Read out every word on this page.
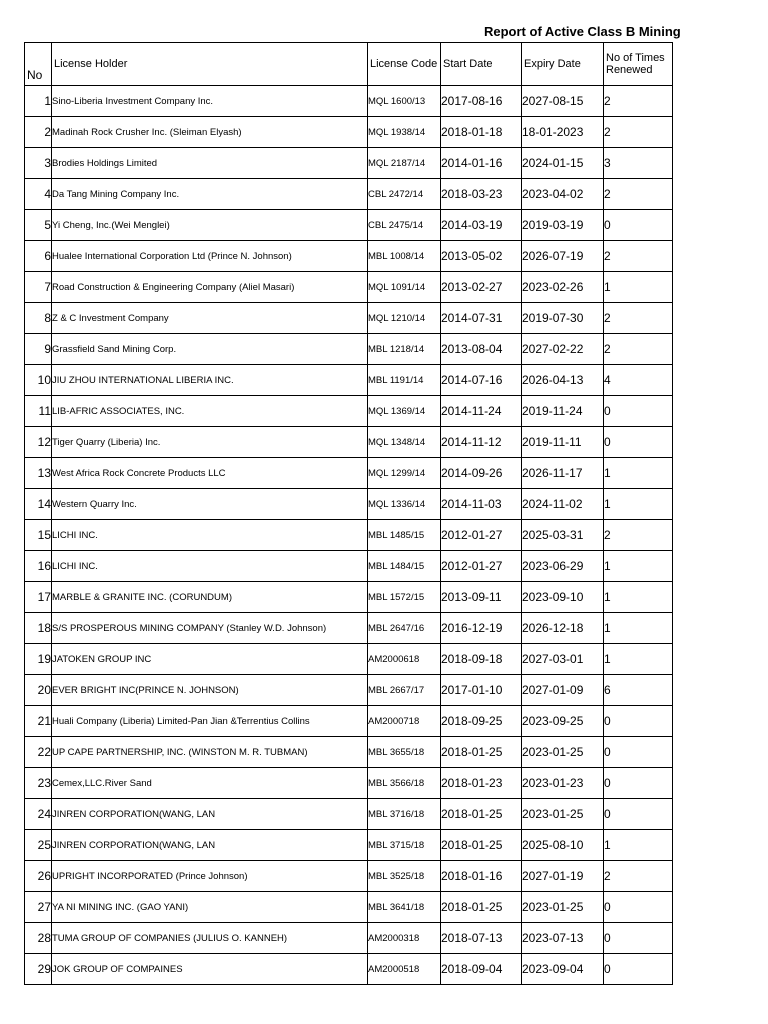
Report of Active Class B Mining
No	License Holder	License Code	Start Date	Expiry Date	No of Times Renewed
1	Sino-Liberia Investment Company Inc.	MQL 1600/13	2017-08-16	2027-08-15	2
2	Madinah Rock Crusher Inc. (Sleiman Elyash)	MQL 1938/14	2018-01-18	18-01-2023	2
3	Brodies Holdings Limited	MQL 2187/14	2014-01-16	2024-01-15	3
4	Da Tang Mining Company Inc.	CBL 2472/14	2018-03-23	2023-04-02	2
5	Yi Cheng, Inc.(Wei Menglei)	CBL 2475/14	2014-03-19	2019-03-19	0
6	Hualee International Corporation Ltd (Prince N. Johnson)	MBL 1008/14	2013-05-02	2026-07-19	2
7	Road Construction & Engineering Company (Aliel Masari)	MQL 1091/14	2013-02-27	2023-02-26	1
8	Z & C Investment Company	MQL 1210/14	2014-07-31	2019-07-30	2
9	Grassfield Sand Mining Corp.	MBL 1218/14	2013-08-04	2027-02-22	2
10	JIU ZHOU INTERNATIONAL LIBERIA INC.	MBL 1191/14	2014-07-16	2026-04-13	4
11	LIB-AFRIC ASSOCIATES, INC.	MQL 1369/14	2014-11-24	2019-11-24	0
12	Tiger Quarry (Liberia) Inc.	MQL 1348/14	2014-11-12	2019-11-11	0
13	West Africa Rock Concrete Products LLC	MQL 1299/14	2014-09-26	2026-11-17	1
14	Western Quarry Inc.	MQL 1336/14	2014-11-03	2024-11-02	1
15	LICHI INC.	MBL 1485/15	2012-01-27	2025-03-31	2
16	LICHI INC.	MBL 1484/15	2012-01-27	2023-06-29	1
17	MARBLE & GRANITE INC. (CORUNDUM)	MBL 1572/15	2013-09-11	2023-09-10	1
18	S/S PROSPEROUS MINING COMPANY (Stanley W.D. Johnson)	MBL 2647/16	2016-12-19	2026-12-18	1
19	JATOKEN GROUP INC	AM2000618	2018-09-18	2027-03-01	1
20	EVER BRIGHT INC(PRINCE N. JOHNSON)	MBL 2667/17	2017-01-10	2027-01-09	6
21	Huali Company (Liberia) Limited-Pan Jian &Terrentius Collins	AM2000718	2018-09-25	2023-09-25	0
22	UP CAPE PARTNERSHIP, INC. (WINSTON M. R. TUBMAN)	MBL 3655/18	2018-01-25	2023-01-25	0
23	Cemex,LLC.River Sand	MBL 3566/18	2018-01-23	2023-01-23	0
24	JINREN CORPORATION(WANG, LAN	MBL 3716/18	2018-01-25	2023-01-25	0
25	JINREN CORPORATION(WANG, LAN	MBL 3715/18	2018-01-25	2025-08-10	1
26	UPRIGHT INCORPORATED (Prince Johnson)	MBL 3525/18	2018-01-16	2027-01-19	2
27	YA NI MINING INC. (GAO YANI)	MBL 3641/18	2018-01-25	2023-01-25	0
28	TUMA GROUP OF COMPANIES (JULIUS O. KANNEH)	AM2000318	2018-07-13	2023-07-13	0
29	JOK GROUP OF COMPAINES	AM2000518	2018-09-04	2023-09-04	0
